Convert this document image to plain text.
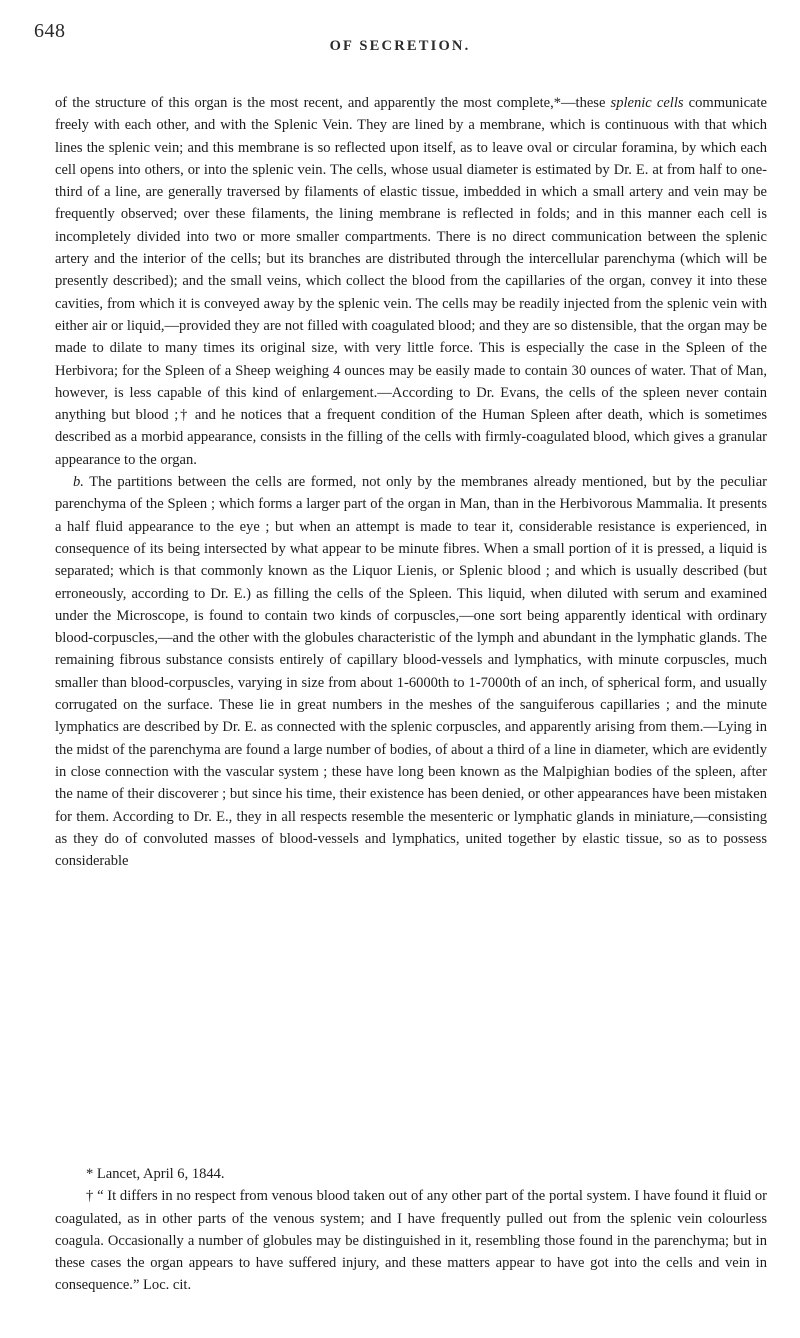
648
OF SECRETION.

of the structure of this organ is the most recent, and apparently the most complete,*—these splenic cells communicate freely with each other, and with the Splenic Vein. They are lined by a membrane, which is continuous with that which lines the splenic vein; and this membrane is so reflected upon itself, as to leave oval or circular foramina, by which each cell opens into others, or into the splenic vein. The cells, whose usual diameter is estimated by Dr. E. at from half to one-third of a line, are generally traversed by filaments of elastic tissue, imbedded in which a small artery and vein may be frequently observed; over these filaments, the lining membrane is reflected in folds; and in this manner each cell is incompletely divided into two or more smaller compartments. There is no direct communication between the splenic artery and the interior of the cells; but its branches are distributed through the intercellular parenchyma (which will be presently described); and the small veins, which collect the blood from the capillaries of the organ, convey it into these cavities, from which it is conveyed away by the splenic vein. The cells may be readily injected from the splenic vein with either air or liquid,—provided they are not filled with coagulated blood; and they are so distensible, that the organ may be made to dilate to many times its original size, with very little force. This is especially the case in the Spleen of the Herbivora; for the Spleen of a Sheep weighing 4 ounces may be easily made to contain 30 ounces of water. That of Man, however, is less capable of this kind of enlargement.—According to Dr. Evans, the cells of the spleen never contain anything but blood ;† and he notices that a frequent condition of the Human Spleen after death, which is sometimes described as a morbid appearance, consists in the filling of the cells with firmly-coagulated blood, which gives a granular appearance to the organ.

b. The partitions between the cells are formed, not only by the membranes already mentioned, but by the peculiar parenchyma of the Spleen ; which forms a larger part of the organ in Man, than in the Herbivorous Mammalia. It presents a half fluid appearance to the eye ; but when an attempt is made to tear it, considerable resistance is experienced, in consequence of its being intersected by what appear to be minute fibres. When a small portion of it is pressed, a liquid is separated; which is that commonly known as the Liquor Lienis, or Splenic blood ; and which is usually described (but erroneously, according to Dr. E.) as filling the cells of the Spleen. This liquid, when diluted with serum and examined under the Microscope, is found to contain two kinds of corpuscles,—one sort being apparently identical with ordinary blood-corpuscles,—and the other with the globules characteristic of the lymph and abundant in the lymphatic glands. The remaining fibrous substance consists entirely of capillary blood-vessels and lymphatics, with minute corpuscles, much smaller than blood-corpuscles, varying in size from about 1-6000th to 1-7000th of an inch, of spherical form, and usually corrugated on the surface. These lie in great numbers in the meshes of the sanguiferous capillaries ; and the minute lymphatics are described by Dr. E. as connected with the splenic corpuscles, and apparently arising from them.—Lying in the midst of the parenchyma are found a large number of bodies, of about a third of a line in diameter, which are evidently in close connection with the vascular system ; these have long been known as the Malpighian bodies of the spleen, after the name of their discoverer ; but since his time, their existence has been denied, or other appearances have been mistaken for them. According to Dr. E., they in all respects resemble the mesenteric or lymphatic glands in miniature,—consisting as they do of convoluted masses of blood-vessels and lymphatics, united together by elastic tissue, so as to possess considerable

* Lancet, April 6, 1844.

† “ It differs in no respect from venous blood taken out of any other part of the portal system. I have found it fluid or coagulated, as in other parts of the venous system; and I have frequently pulled out from the splenic vein colourless coagula. Occasionally a number of globules may be distinguished in it, resembling those found in the parenchyma; but in these cases the organ appears to have suffered injury, and these matters appear to have got into the cells and vein in consequence.” Loc. cit.
